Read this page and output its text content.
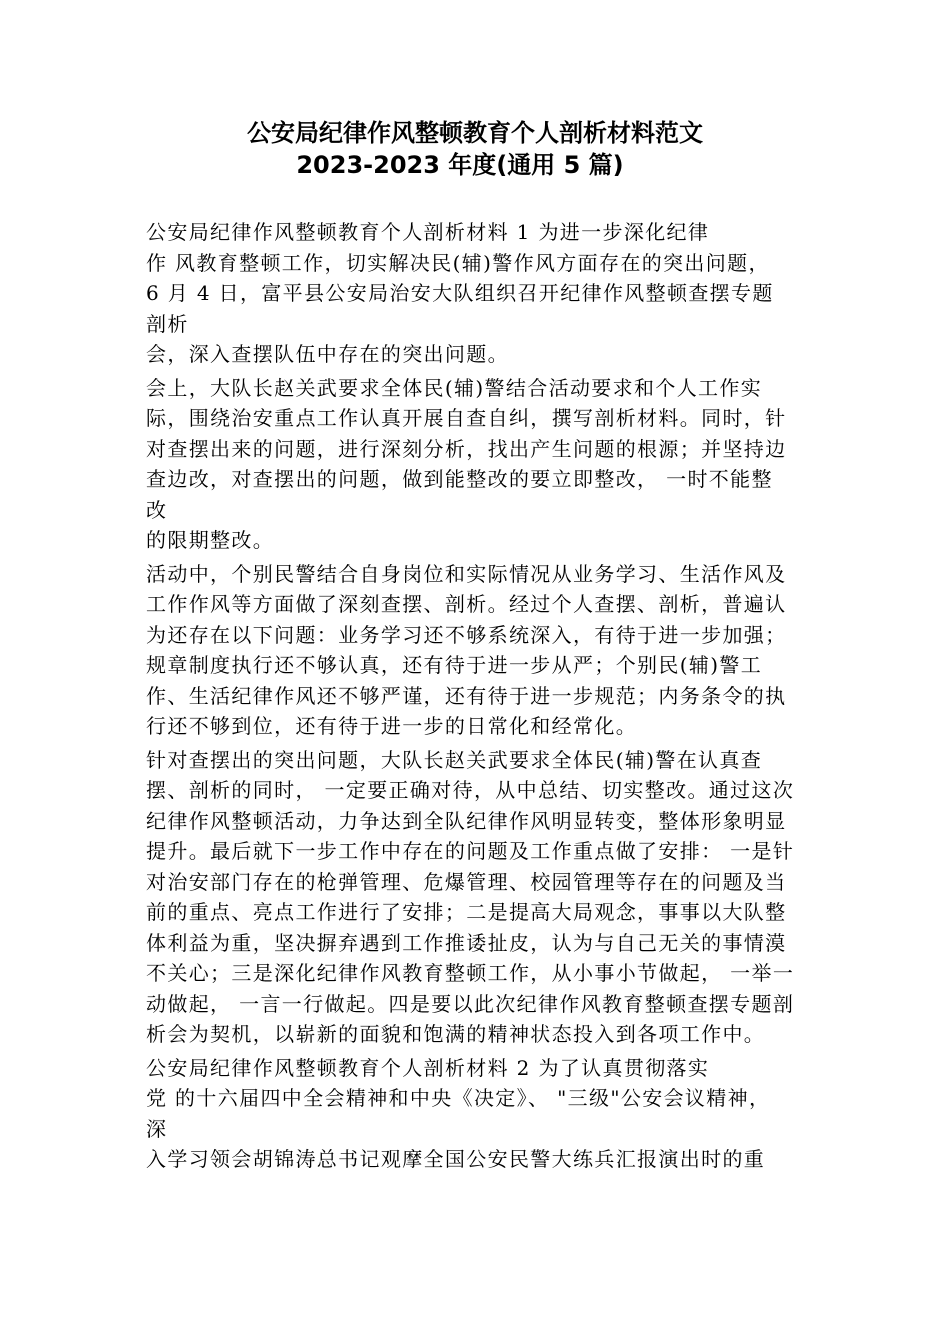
公安局纪律作风整顿教育个人剖析材料范文
2023-2023 年度(通用 5 篇)
公安局纪律作风整顿教育个人剖析材料 1 为进一步深化纪律
作 风教育整顿工作，切实解决民(辅)警作风方面存在的突出问题，
6 月 4 日，富平县公安局治安大队组织召开纪律作风整顿查摆专题
剖析
会，深入查摆队伍中存在的突出问题。
会上，大队长赵关武要求全体民(辅)警结合活动要求和个人工作实
际，围绕治安重点工作认真开展自查自纠，撰写剖析材料。同时，针
对查摆出来的问题，进行深刻分析，找出产生问题的根源；并坚持边
查边改，对查摆出的问题，做到能整改的要立即整改， 一时不能整
改
的限期整改。
活动中，个别民警结合自身岗位和实际情况从业务学习、生活作风及
工作作风等方面做了深刻查摆、剖析。经过个人查摆、剖析，普遍认
为还存在以下问题：业务学习还不够系统深入，有待于进一步加强；
规章制度执行还不够认真，还有待于进一步从严；个别民(辅)警工
作、生活纪律作风还不够严谨，还有待于进一步规范；内务条令的执
行还不够到位，还有待于进一步的日常化和经常化。
针对查摆出的突出问题，大队长赵关武要求全体民(辅)警在认真查
摆、剖析的同时， 一定要正确对待，从中总结、切实整改。通过这次
纪律作风整顿活动，力争达到全队纪律作风明显转变，整体形象明显
提升。最后就下一步工作中存在的问题及工作重点做了安排： 一是针
对治安部门存在的枪弹管理、危爆管理、校园管理等存在的问题及当
前的重点、亮点工作进行了安排；二是提高大局观念，事事以大队整
体利益为重，坚决摒弃遇到工作推诿扯皮，认为与自己无关的事情漠
不关心；三是深化纪律作风教育整顿工作，从小事小节做起， 一举一
动做起， 一言一行做起。四是要以此次纪律作风教育整顿查摆专题剖
析会为契机，以崭新的面貌和饱满的精神状态投入到各项工作中。
公安局纪律作风整顿教育个人剖析材料 2 为了认真贯彻落实
党 的十六届四中全会精神和中央《决定》、 "三级"公安会议精神，
深
入学习领会胡锦涛总书记观摩全国公安民警大练兵汇报演出时的重
